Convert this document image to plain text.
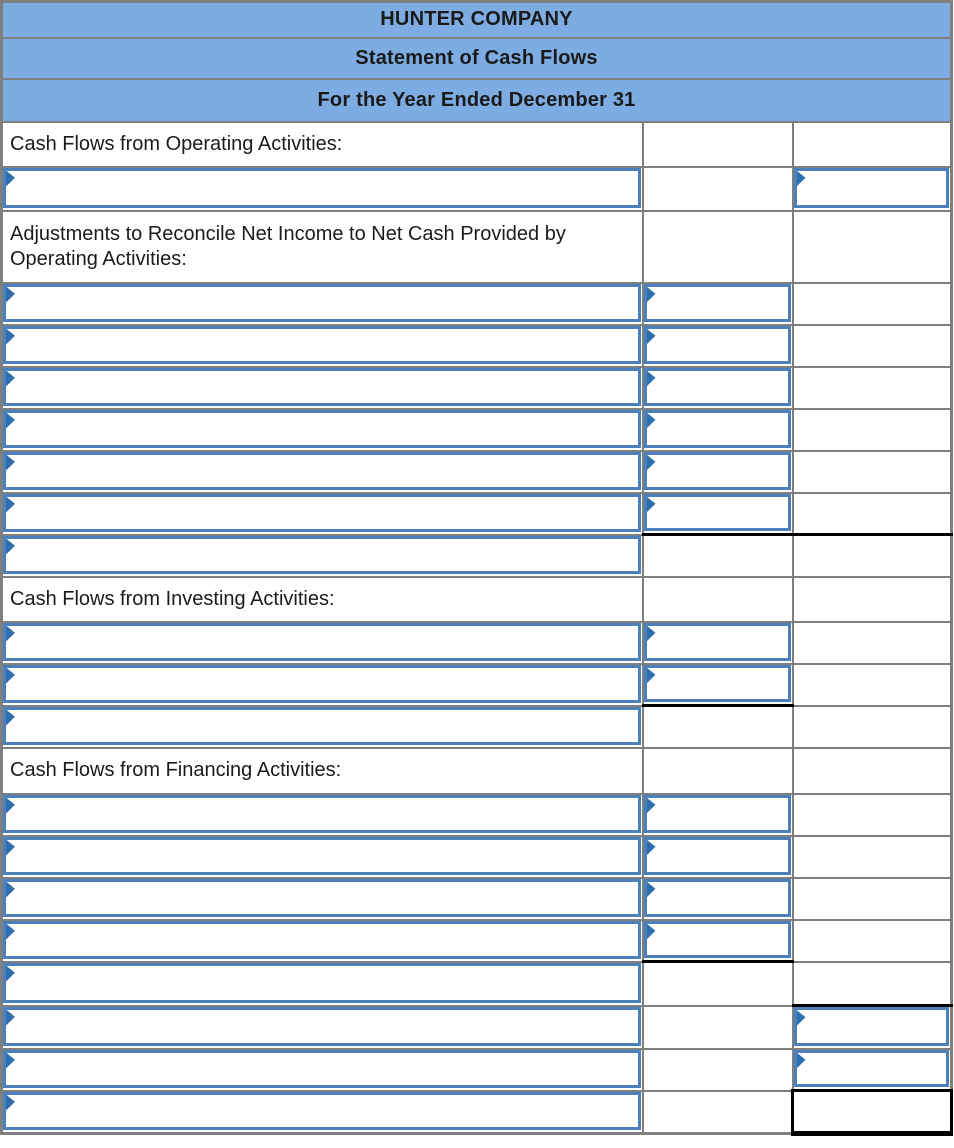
HUNTER COMPANY		
Statement of Cash Flows		
For the Year Ended December 31		
Cash Flows from Operating Activities:		

Adjustments to Reconcile Net Income to Net Cash Provided by Operating Activities:		

Cash Flows from Investing Activities:		

Cash Flows from Financing Activities:		
